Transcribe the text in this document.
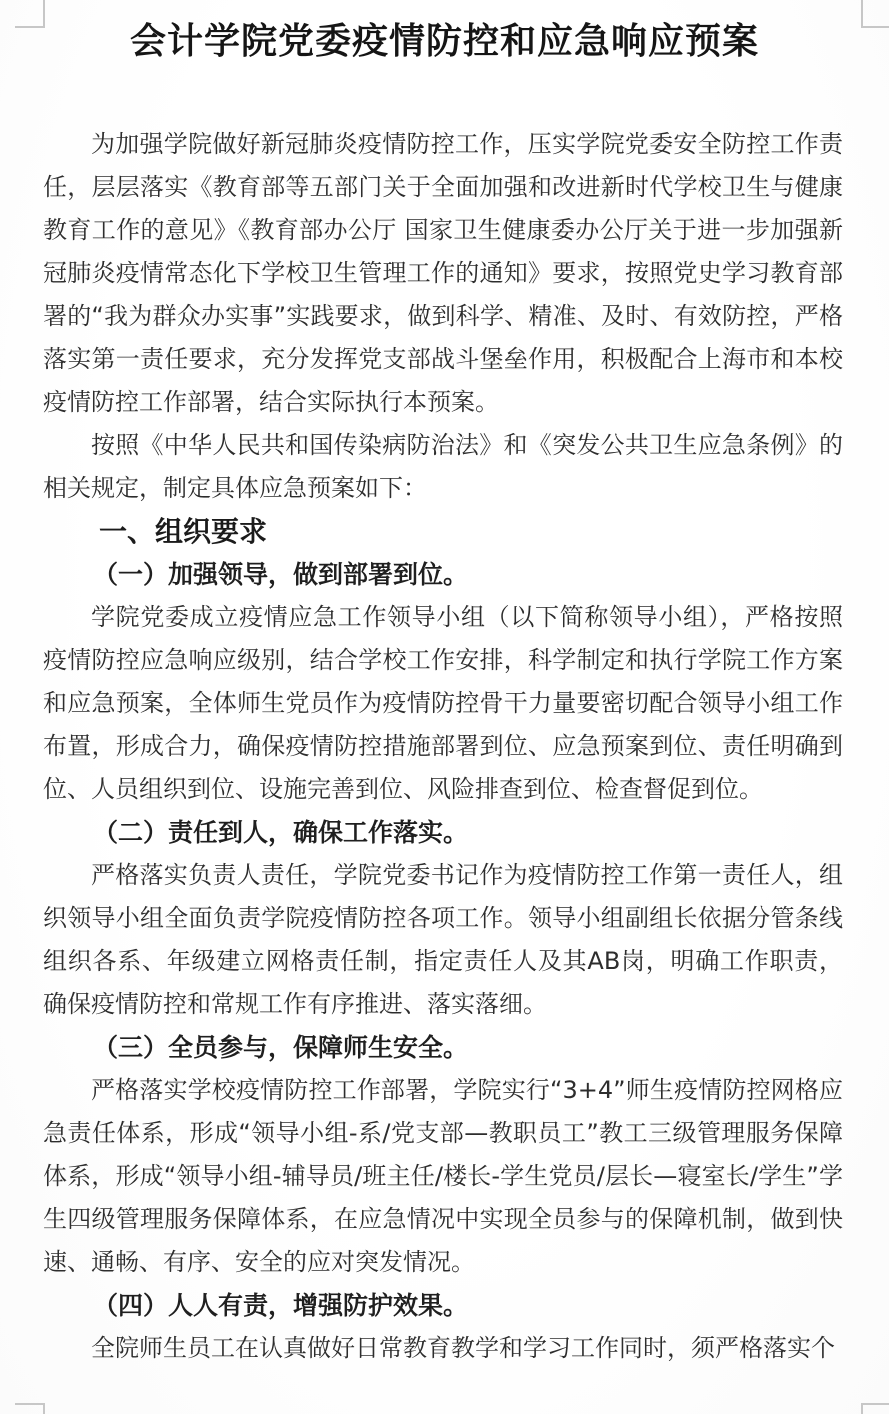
会计学院党委疫情防控和应急响应预案

为加强学院做好新冠肺炎疫情防控工作，压实学院党委安全防控工作责任，层层落实《教育部等五部门关于全面加强和改进新时代学校卫生与健康教育工作的意见》《教育部办公厅 国家卫生健康委办公厅关于进一步加强新冠肺炎疫情常态化下学校卫生管理工作的通知》要求，按照党史学习教育部署的“我为群众办实事”实践要求，做到科学、精准、及时、有效防控，严格落实第一责任要求，充分发挥党支部战斗堡垒作用，积极配合上海市和本校疫情防控工作部署，结合实际执行本预案。

按照《中华人民共和国传染病防治法》和《突发公共卫生应急条例》的相关规定，制定具体应急预案如下：

一、组织要求
（一）加强领导，做到部署到位。

学院党委成立疫情应急工作领导小组（以下简称领导小组），严格按照疫情防控应急响应级别，结合学校工作安排，科学制定和执行学院工作方案和应急预案，全体师生党员作为疫情防控骨干力量要密切配合领导小组工作布置，形成合力，确保疫情防控措施部署到位、应急预案到位、责任明确到位、人员组织到位、设施完善到位、风险排查到位、检查督促到位。

（二）责任到人，确保工作落实。

严格落实负责人责任，学院党委书记作为疫情防控工作第一责任人，组织领导小组全面负责学院疫情防控各项工作。领导小组副组长依据分管条线组织各系、年级建立网格责任制，指定责任人及其AB岗，明确工作职责，确保疫情防控和常规工作有序推进、落实落细。

（三）全员参与，保障师生安全。

严格落实学校疫情防控工作部署，学院实行“3+4”师生疫情防控网格应急责任体系，形成“领导小组-系/党支部—教职员工”教工三级管理服务保障体系，形成“领导小组-辅导员/班主任/楼长-学生党员/层长—寝室长/学生”学生四级管理服务保障体系，在应急情况中实现全员参与的保障机制，做到快速、通畅、有序、安全的应对突发情况。

（四）人人有责，增强防护效果。

全院师生员工在认真做好日常教育教学和学习工作同时，须严格落实个
